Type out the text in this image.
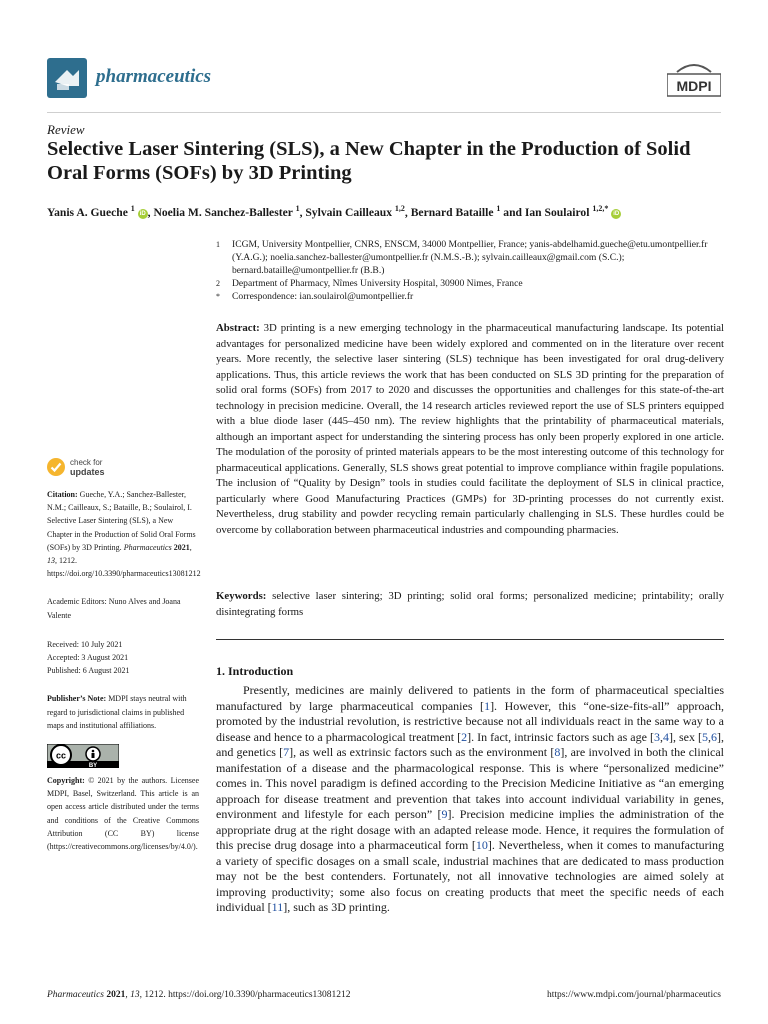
pharmaceutics	MDPI
Review
Selective Laser Sintering (SLS), a New Chapter in the Production of Solid Oral Forms (SOFs) by 3D Printing
Yanis A. Gueche $^1$ iD , Noelia M. Sanchez-Ballester $^1$, Sylvain Cailleaux $^{1,2}$, Bernard Bataille $^1$ and Ian Soulairol $^{1,2,*}$ iD
1	ICGM, University Montpellier, CNRS, ENSCM, 34000 Montpellier, France; yanis-abdelhamid.gueche@etu.umontpellier.fr (Y.A.G.); noelia.sanchez-ballester@umontpellier.fr (N.M.S.-B.); sylvain.cailleaux@gmail.com (S.C.); bernard.bataille@umontpellier.fr (B.B.)
2	Department of Pharmacy, Nîmes University Hospital, 30900 Nimes, France
*	Correspondence: ian.soulairol@umontpellier.fr
Abstract: 3D printing is a new emerging technology in the pharmaceutical manufacturing landscape. Its potential advantages for personalized medicine have been widely explored and commented on in the literature over recent years. More recently, the selective laser sintering (SLS) technique has been investigated for oral drug-delivery applications. Thus, this article reviews the work that has been conducted on SLS 3D printing for the preparation of solid oral forms (SOFs) from 2017 to 2020 and discusses the opportunities and challenges for this state-of-the-art technology in precision medicine. Overall, the 14 research articles reviewed report the use of SLS printers equipped with a blue diode laser (445–450 nm). The review highlights that the printability of pharmaceutical materials, although an important aspect for understanding the sintering process has only been properly explored in one article. The modulation of the porosity of printed materials appears to be the most interesting outcome of this technology for pharmaceutical applications. Generally, SLS shows great potential to improve compliance within fragile populations. The inclusion of “Quality by Design” tools in studies could facilitate the deployment of SLS in clinical practice, particularly where Good Manufacturing Practices (GMPs) for 3D-printing processes do not currently exist. Nevertheless, drug stability and powder recycling remain particularly challenging in SLS. These hurdles could be overcome by collaboration between pharmaceutical industries and compounding pharmacies.
Keywords: selective laser sintering; 3D printing; solid oral forms; personalized medicine; printability; orally disintegrating forms
check for
updates

Citation: Gueche, Y.A.; Sanchez-Ballester, N.M.; Cailleaux, S.; Bataille, B.; Soulairol, I. Selective Laser Sintering (SLS), a New Chapter in the Production of Solid Oral Forms (SOFs) by 3D Printing. Pharmaceutics 2021, 13, 1212. https://doi.org/10.3390/pharmaceutics13081212

Academic Editors: Nuno Alves and Joana Valente

Received: 10 July 2021
Accepted: 3 August 2021
Published: 6 August 2021

Publisher’s Note: MDPI stays neutral with regard to jurisdictional claims in published maps and institutional affiliations.

cc
BY

Copyright: © 2021 by the authors. Licensee MDPI, Basel, Switzerland. This article is an open access article distributed under the terms and conditions of the Creative Commons Attribution (CC BY) license (https://creativecommons.org/licenses/by/4.0/).

1. Introduction
Presently, medicines are mainly delivered to patients in the form of pharmaceutical specialties manufactured by large pharmaceutical companies [1]. However, this “one-size-fits-all” approach, promoted by the industrial revolution, is restrictive because not all individuals react in the same way to a disease and hence to a pharmacological treatment [2]. In fact, intrinsic factors such as age [3,4], sex [5,6], and genetics [7], as well as extrinsic factors such as the environment [8], are involved in both the clinical manifestation of a disease and the pharmacological response. This is where “personalized medicine” comes in. This novel paradigm is defined according to the Precision Medicine Initiative as “an emerging approach for disease treatment and prevention that takes into account individual variability in genes, environment and lifestyle for each person” [9]. Precision medicine implies the administration of the appropriate drug at the right dosage with an adapted release mode. Hence, it requires the formulation of this precise drug dosage into a pharmaceutical form [10]. Nevertheless, when it comes to manufacturing a variety of specific dosages on a small scale, industrial machines that are dedicated to mass production may not be the best contenders. Fortunately, not all innovative technologies are aimed solely at improving productivity; some also focus on creating products that meet the specific needs of each individual [11], such as 3D printing.
Pharmaceutics 2021, 13, 1212. https://doi.org/10.3390/pharmaceutics13081212	https://www.mdpi.com/journal/pharmaceutics
